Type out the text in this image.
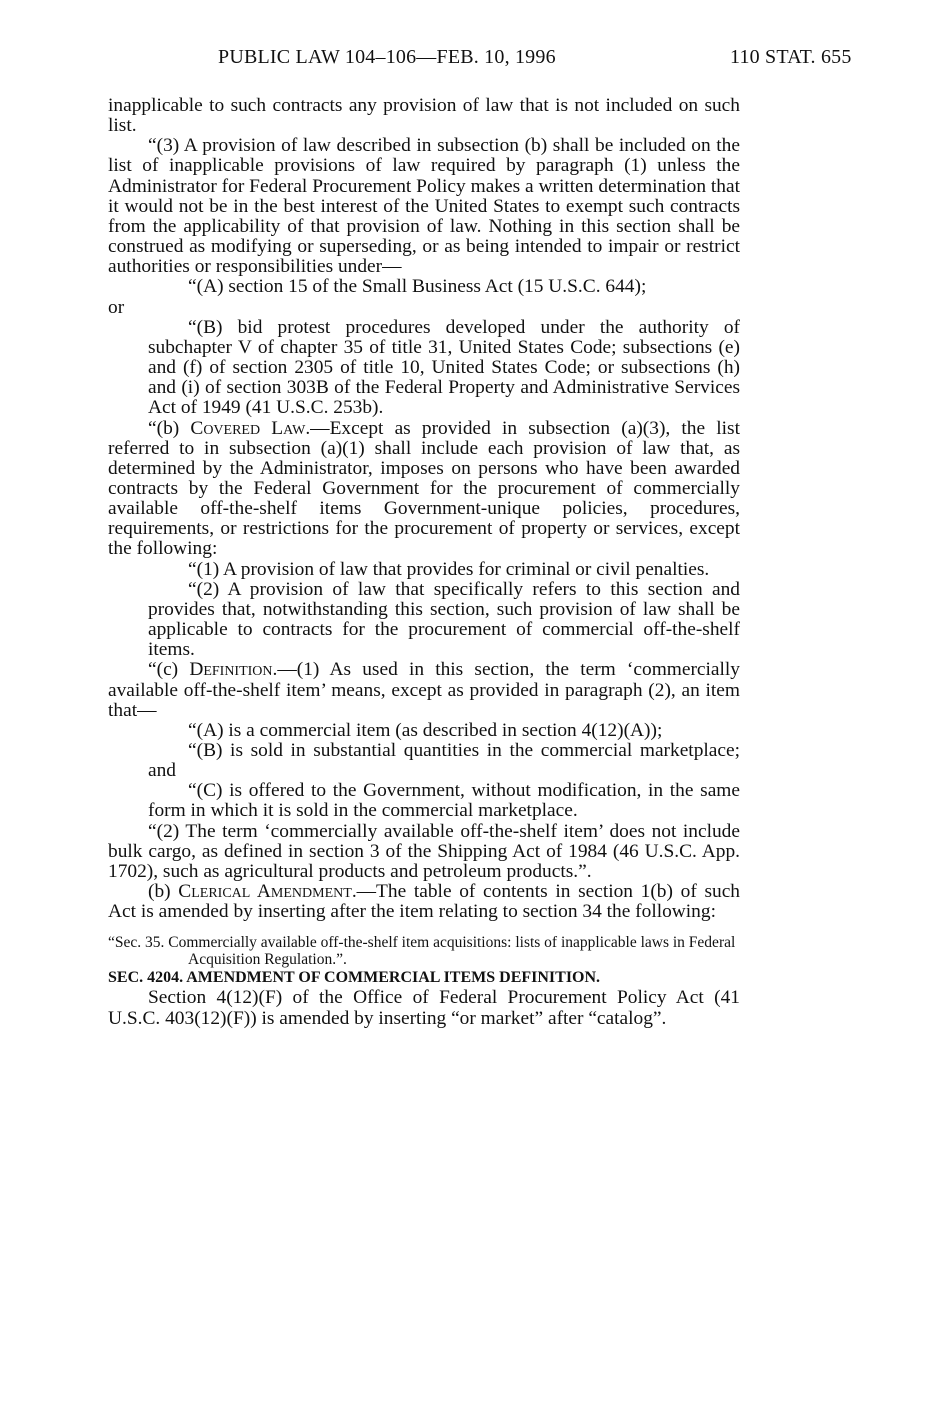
PUBLIC LAW 104–106—FEB. 10, 1996	110 STAT. 655

inapplicable to such contracts any provision of law that is not included on such list.

“(3) A provision of law described in subsection (b) shall be included on the list of inapplicable provisions of law required by paragraph (1) unless the Administrator for Federal Procurement Policy makes a written determination that it would not be in the best interest of the United States to exempt such contracts from the applicability of that provision of law. Nothing in this section shall be construed as modifying or superseding, or as being intended to impair or restrict authorities or responsibilities under—

“(A) section 15 of the Small Business Act (15 U.S.C. 644);

or

“(B) bid protest procedures developed under the authority of subchapter V of chapter 35 of title 31, United States Code; subsections (e) and (f) of section 2305 of title 10, United States Code; or subsections (h) and (i) of section 303B of the Federal Property and Administrative Services Act of 1949 (41 U.S.C. 253b).

“(b) Covered Law.—Except as provided in subsection (a)(3), the list referred to in subsection (a)(1) shall include each provision of law that, as determined by the Administrator, imposes on persons who have been awarded contracts by the Federal Government for the procurement of commercially available off-the-shelf items Government-unique policies, procedures, requirements, or restrictions for the procurement of property or services, except the following:

“(1) A provision of law that provides for criminal or civil penalties.

“(2) A provision of law that specifically refers to this section and provides that, notwithstanding this section, such provision of law shall be applicable to contracts for the procurement of commercial off-the-shelf items.

“(c) Definition.—(1) As used in this section, the term ‘commercially available off-the-shelf item’ means, except as provided in paragraph (2), an item that—

“(A) is a commercial item (as described in section 4(12)(A));

“(B) is sold in substantial quantities in the commercial marketplace; and

“(C) is offered to the Government, without modification, in the same form in which it is sold in the commercial marketplace.

“(2) The term ‘commercially available off-the-shelf item’ does not include bulk cargo, as defined in section 3 of the Shipping Act of 1984 (46 U.S.C. App. 1702), such as agricultural products and petroleum products.”.

(b) Clerical Amendment.—The table of contents in section 1(b) of such Act is amended by inserting after the item relating to section 34 the following:

“Sec. 35. Commercially available off-the-shelf item acquisitions: lists of inapplicable laws in Federal Acquisition Regulation.”.

SEC. 4204. AMENDMENT OF COMMERCIAL ITEMS DEFINITION.

Section 4(12)(F) of the Office of Federal Procurement Policy Act (41 U.S.C. 403(12)(F)) is amended by inserting “or market” after “catalog”.
